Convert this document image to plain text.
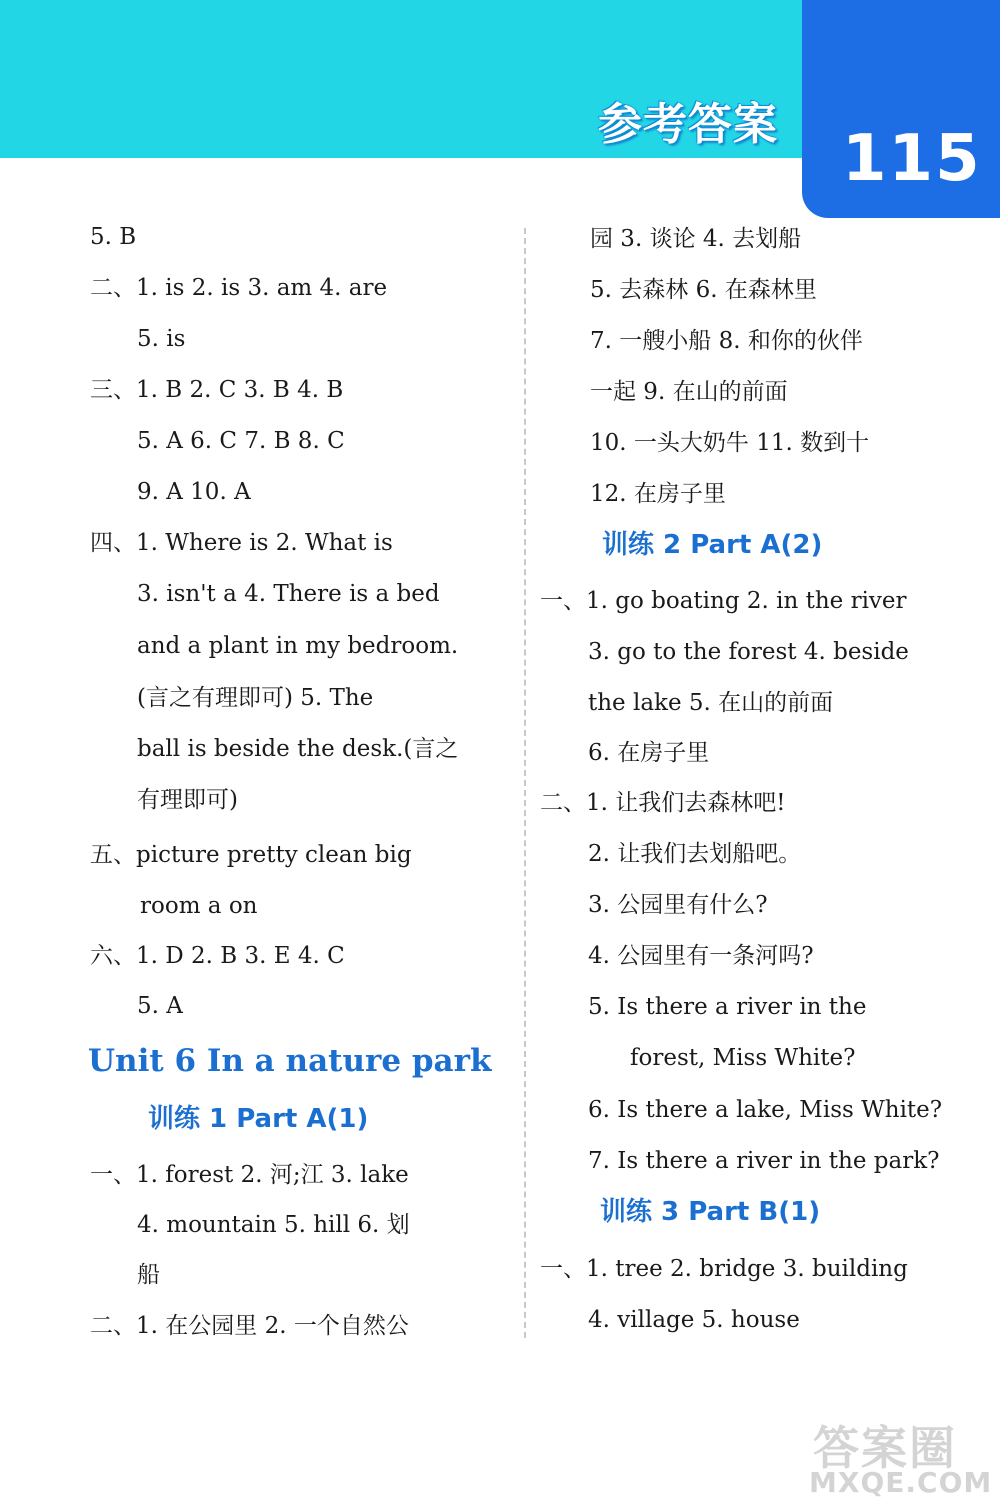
参考答案 115
5. B
二、1. is 2. is 3. am 4. are
5. is
三、1. B 2. C 3. B 4. B
5. A 6. C 7. B 8. C
9. A 10. A
四、1. Where is 2. What is
3. isn't a 4. There is a bed
and a plant in my bedroom.
(言之有理即可) 5. The
ball is beside the desk.(言之
有理即可)
五、picture pretty clean big
room a on
六、1. D 2. B 3. E 4. C
5. A
Unit 6 In a nature park
训练 1 Part A(1)
一、1. forest 2. 河;江 3. lake
4. mountain 5. hill 6. 划
船
二、1. 在公园里 2. 一个自然公
园 3. 谈论 4. 去划船
5. 去森林 6. 在森林里
7. 一艘小船 8. 和你的伙伴
一起 9. 在山的前面
10. 一头大奶牛 11. 数到十
12. 在房子里
训练 2 Part A(2)
一、1. go boating 2. in the river
3. go to the forest 4. beside
the lake 5. 在山的前面
6. 在房子里
二、1. 让我们去森林吧!
2. 让我们去划船吧。
3. 公园里有什么?
4. 公园里有一条河吗?
5. Is there a river in the
forest, Miss White?
6. Is there a lake, Miss White?
7. Is there a river in the park?
训练 3 Part B(1)
一、1. tree 2. bridge 3. building
4. village 5. house
答案圈
MXQE.COM
